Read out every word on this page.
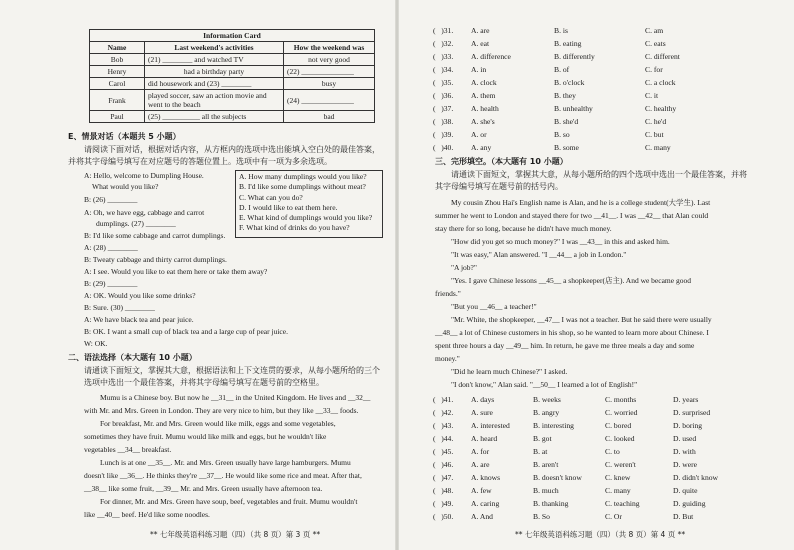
Information Card		
Name	Last weekend's activities	How the weekend was
Bob	(21) ________ and watched TV	not very good
Henry	had a birthday party	(22) ______________
Carol	did housework and (23) ________	busy
Frank	played soccer, saw an action movie and went to the beach	(24) ______________
Paul	(25) __________ all the subjects	bad
E、情景对话（本题共 5 小题）
请阅读下面对话，根据对话内容，从方框内的选项中选出能填入空白处的最佳答案，
并将其字母编号填写在对应题号的答题位置上。选项中有一项为多余选项。
A: Hello, welcome to Dumpling House.
What would you like?
B: (26) ________
A: Oh, we have egg, cabbage and carrot
dumplings. (27) ________
B: I'd like some cabbage and carrot dumplings.
A: (28) ________
B: Tweaty cabbage and thirty carrot dumplings.
A: I see. Would you like to eat them here or take them away?
B: (29) ________
A: OK. Would you like some drinks?
B: Sure. (30) ________
A: We have black tea and pear juice.
B: OK. I want a small cup of black tea and a large cup of pear juice.
W: OK.
A. How many dumplings would you like?
B. I'd like some dumplings without meat?
C. What can you do?
D. I would like to eat them here.
E. What kind of dumplings would you like?
F. What kind of drinks do you have?
二、语法选择（本大题有 10 小题）
请通读下面短文，掌握其大意，根据语法和上下文连贯的要求，从每小题所给的三个
选项中选出一个最佳答案，并将其字母编号填写在题号前的空格里。
Mumu is a Chinese boy. But now he __31__ in the United Kingdom. He lives and __32__
with Mr. and Mrs. Green in London. They are very nice to him, but they like __33__ foods.
For breakfast, Mr. and Mrs. Green would like milk, eggs and some vegetables,
sometimes they have fruit. Mumu would like milk and eggs, but he wouldn't like
vegetables __34__ breakfast.
Lunch is at one __35__. Mr. and Mrs. Green usually have large hamburgers. Mumu
doesn't like __36__. He thinks they're __37__. He would like some rice and meat. After that,
__38__ like some fruit, __39__ Mr. and Mrs. Green usually have afternoon tea.
For dinner, Mr. and Mrs. Green have soup, beef, vegetables and fruit. Mumu wouldn't
like __40__ beef. He'd like some noodles.
** 七年级英语科练习题（四）（共 8 页）第 3 页 **
( )31. A. are	B. is	C. am
( )32. A. eat	B. eating	C. eats
( )33. A. difference	B. differently	C. different
( )34. A. in	B. of	C. for
( )35. A. clock	B. o'clock	C. a clock
( )36. A. them	B. they	C. it
( )37. A. health	B. unhealthy	C. healthy
( )38. A. she's	B. she'd	C. he'd
( )39. A. or	B. so	C. but
( )40. A. any	B. some	C. many
三、完形填空。（本大题有 10 小题）
请通读下面短文，掌握其大意，从每小题所给的四个选项中选出一个最佳答案，并将
其字母编号填写在题号前的括号内。
My cousin Zhou Hai's English name is Alan, and he is a college student(大学生). Last
summer he went to London and stayed there for two __41__. I was __42__ that Alan could
stay there for so long, because he didn't have much money.
"How did you get so much money?" I was __43__ in this and asked him.
"It was easy," Alan answered. "I __44__ a job in London."
"A job?"
"Yes. I gave Chinese lessons __45__ a shopkeeper(店主). And we became good
friends."
"But you __46__ a teacher!"
"Mr. White, the shopkeeper, __47__ I was not a teacher. But he said there were usually
__48__ a lot of Chinese customers in his shop, so he wanted to learn more about Chinese. I
spent three hours a day __49__ him. In return, he gave me three meals a day and some
money."
"Did he learn much Chinese?" I asked.
"I don't know," Alan said. "__50__ I learned a lot of English!"
( )41. A. days	B. weeks	C. months	D. years
( )42. A. sure	B. angry	C. worried	D. surprised
( )43. A. interested	B. interesting	C. bored	D. boring
( )44. A. heard	B. got	C. looked	D. used
( )45. A. for	B. at	C. to	D. with
( )46. A. are	B. aren't	C. weren't	D. were
( )47. A. knows	B. doesn't know	C. knew	D. didn't know
( )48. A. few	B. much	C. many	D. quite
( )49. A. caring	B. thanking	C. teaching	D. guiding
( )50. A. And	B. So	C. Or	D. But
** 七年级英语科练习题（四）（共 8 页）第 4 页 **
